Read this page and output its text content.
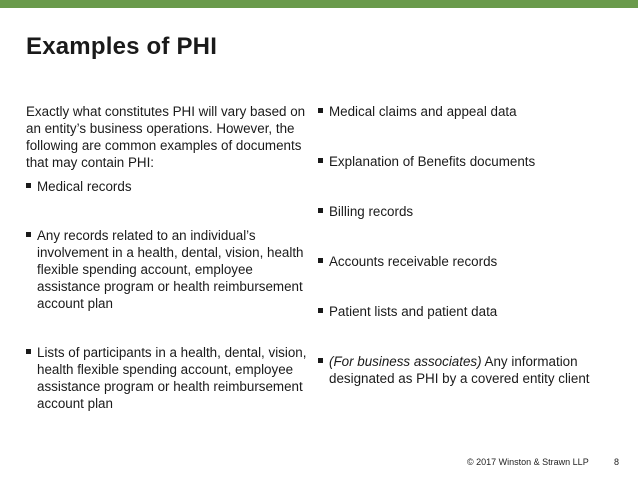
Examples of PHI

Exactly what constitutes PHI will vary based on an entity’s business operations. However, the following are common examples of documents that may contain PHI:

Medical records
Any records related to an individual’s involvement in a health, dental, vision, health flexible spending account, employee assistance program or health reimbursement account plan
Lists of participants in a health, dental, vision, health flexible spending account, employee assistance program or health reimbursement account plan
Medical claims and appeal data
Explanation of Benefits documents
Billing records
Accounts receivable records
Patient lists and patient data
(For business associates) Any information designated as PHI by a covered entity client
© 2017 Winston & Strawn LLP	8
